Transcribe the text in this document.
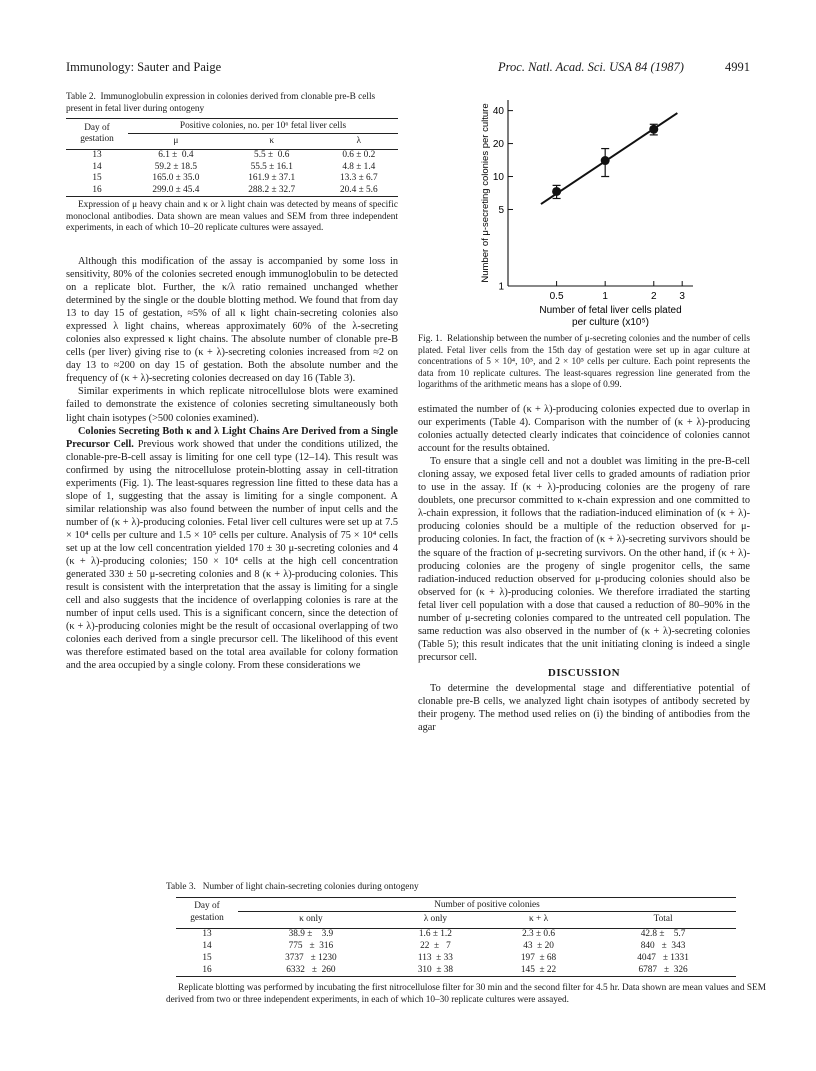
Immunology: Sauter and Paige	Proc. Natl. Acad. Sci. USA 84 (1987)	4991
Table 2. Immunoglobulin expression in colonies derived from clonable pre-B cells present in fetal liver during ontogeny
Day of
gestation	Positive colonies, no. per 10⁶ fetal liver cells		
	μ	κ	λ
13	6.1 ±  0.4	5.5 ±  0.6	0.6 ± 0.2
14	59.2 ± 18.5	55.5 ± 16.1	4.8 ± 1.4
15	165.0 ± 35.0	161.9 ± 37.1	13.3 ± 6.7
16	299.0 ± 45.4	288.2 ± 32.7	20.4 ± 5.6
Expression of μ heavy chain and κ or λ light chain was detected by means of specific monoclonal antibodies. Data shown are mean values and SEM from three independent experiments, in each of which 10–20 replicate cultures were assayed.

Although this modification of the assay is accompanied by some loss in sensitivity, 80% of the colonies secreted enough immunoglobulin to be detected on a replicate blot. Further, the κ/λ ratio remained unchanged whether determined by the single or the double blotting method. We found that from day 13 to day 15 of gestation, ≈5% of all κ light chain-secreting colonies also expressed λ light chains, whereas approximately 60% of the λ-secreting colonies also expressed κ light chains. The absolute number of clonable pre-B cells (per liver) giving rise to (κ + λ)-secreting colonies increased from ≈2 on day 13 to ≈200 on day 15 of gestation. Both the absolute number and the frequency of (κ + λ)-secreting colonies decreased on day 16 (Table 3).

Similar experiments in which replicate nitrocellulose blots were examined failed to demonstrate the existence of colonies secreting simultaneously both light chain isotypes (>500 colonies examined).

Colonies Secreting Both κ and λ Light Chains Are Derived from a Single Precursor Cell. Previous work showed that under the conditions utilized, the clonable-pre-B-cell assay is limiting for one cell type (12–14). This result was confirmed by using the nitrocellulose protein-blotting assay in cell-titration experiments (Fig. 1). The least-squares regression line fitted to these data has a slope of 1, suggesting that the assay is limiting for a single component. A similar relationship was also found between the number of input cells and the number of (κ + λ)-producing colonies. Fetal liver cell cultures were set up at 7.5 × 10⁴ cells per culture and 1.5 × 10⁵ cells per culture. Analysis of 75 × 10⁴ cells set up at the low cell concentration yielded 170 ± 30 μ-secreting colonies and 4 (κ + λ)-producing colonies; 150 × 10⁴ cells at the high cell concentration generated 330 ± 50 μ-secreting colonies and 8 (κ + λ)-producing colonies. This result is consistent with the interpretation that the assay is limiting for a single cell and also suggests that the incidence of overlapping colonies is rare at the number of input cells used. This is a significant concern, since the detection of (κ + λ)-producing colonies might be the result of occasional overlapping of two colonies each derived from a single precursor cell. The likelihood of this event was therefore estimated based on the total area available for colony formation and the area occupied by a single colony. From these considerations we

1
5
10
20
40
0.5	1	2 3
Number of μ-secreting colonies per culture
Number of fetal liver cells plated
per culture (x10⁵)
Fig. 1. Relationship between the number of μ-secreting colonies and the number of cells plated. Fetal liver cells from the 15th day of gestation were set up in agar culture at concentrations of 5 × 10⁴, 10⁵, and 2 × 10⁵ cells per culture. Each point represents the data from 10 replicate cultures. The least-squares regression line generated from the logarithms of the arithmetic means has a slope of 0.99.

estimated the number of (κ + λ)-producing colonies expected due to overlap in our experiments (Table 4). Comparison with the number of (κ + λ)-producing colonies actually detected clearly indicates that coincidence of colonies cannot account for the results obtained.

To ensure that a single cell and not a doublet was limiting in the pre-B-cell cloning assay, we exposed fetal liver cells to graded amounts of radiation prior to use in the assay. If (κ + λ)-producing colonies are the progeny of rare doublets, one precursor committed to κ-chain expression and one committed to λ-chain expression, it follows that the radiation-induced elimination of (κ + λ)-producing colonies should be a multiple of the reduction observed for μ-producing colonies. In fact, the fraction of (κ + λ)-secreting survivors should be the square of the fraction of μ-secreting survivors. On the other hand, if (κ + λ)-producing colonies are the progeny of single progenitor cells, the same radiation-induced reduction observed for μ-producing colonies should also be observed for (κ + λ)-producing colonies. We therefore irradiated the starting fetal liver cell population with a dose that caused a reduction of 80–90% in the number of μ-secreting colonies compared to the untreated cell population. The same reduction was also observed in the number of (κ + λ)-secreting colonies (Table 5); this result indicates that the unit initiating cloning is indeed a single precursor cell.

DISCUSSION

To determine the developmental stage and differentiative potential of clonable pre-B cells, we analyzed light chain isotypes of antibody secreted by their progeny. The method used relies on (i) the binding of antibodies from the agar

Table 3. Number of light chain-secreting colonies during ontogeny
Day of
gestation	Number of positive colonies			
	κ only	λ only	κ + λ	Total
13	38.9 ±    3.9	1.6 ± 1.2	2.3 ± 0.6	42.8 ±    5.7
14	775   ±  316	22  ±   7	43  ± 20	840   ±  343
15	3737   ± 1230	113  ± 33	197  ± 68	4047   ± 1331
16	6332   ±  260	310  ± 38	145  ± 22	6787   ±  326
Replicate blotting was performed by incubating the first nitrocellulose filter for 30 min and the second filter for 4.5 hr. Data shown are mean values and SEM derived from two or three independent experiments, in each of which 10–30 replicate cultures were assayed.
